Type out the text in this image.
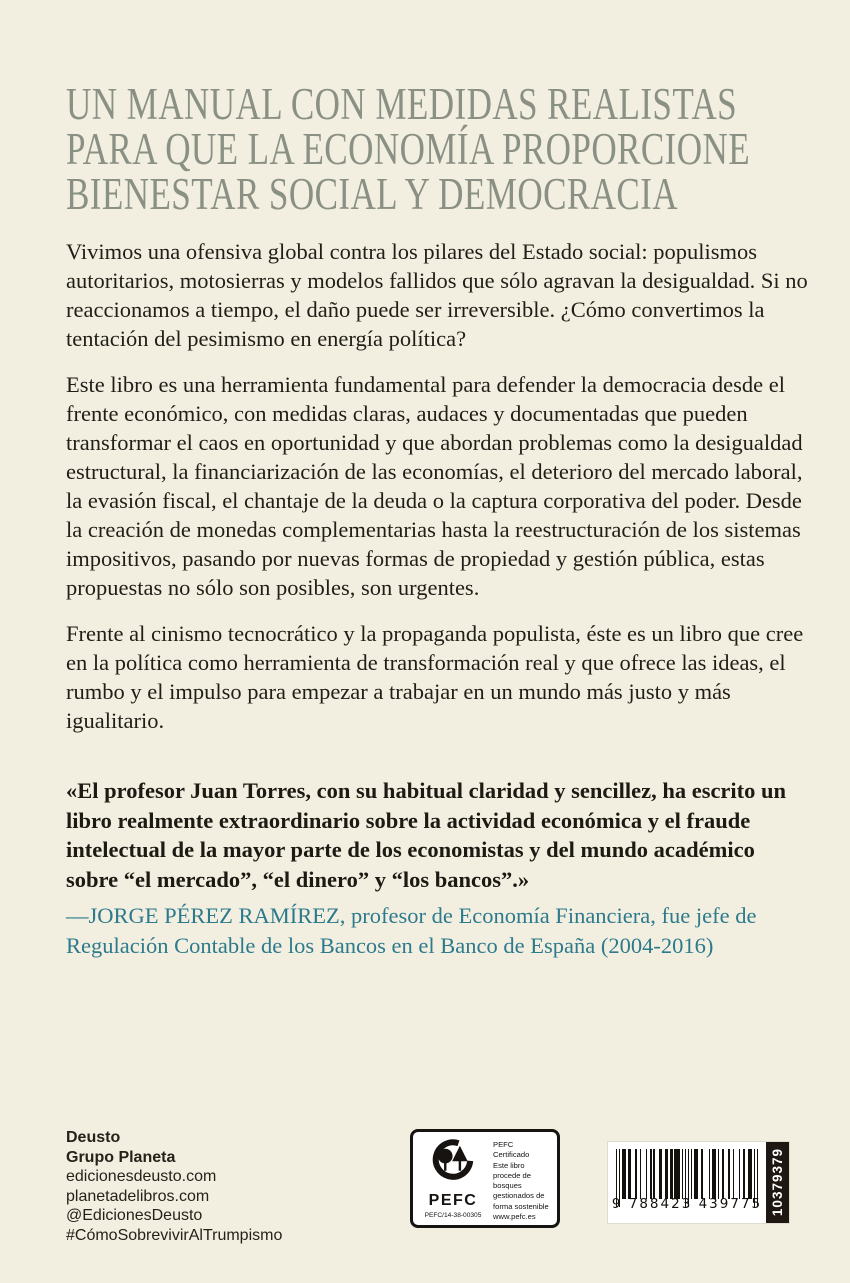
UN MANUAL CON MEDIDAS REALISTAS
PARA QUE LA ECONOMÍA PROPORCIONE
BIENESTAR SOCIAL Y DEMOCRACIA

Vivimos una ofensiva global contra los pilares del Estado social: populismos autoritarios, motosierras y modelos fallidos que sólo agravan la desigualdad. Si no reaccionamos a tiempo, el daño puede ser irreversible. ¿Cómo convertimos la tentación del pesimismo en energía política?

Este libro es una herramienta fundamental para defender la democracia desde el frente económico, con medidas claras, audaces y documentadas que pueden transformar el caos en oportunidad y que abordan problemas como la desigualdad estructural, la financiarización de las economías, el deterioro del mercado laboral, la evasión fiscal, el chantaje de la deuda o la captura corporativa del poder. Desde la creación de monedas complementarias hasta la reestructuración de los sistemas impositivos, pasando por nuevas formas de propiedad y gestión pública, estas propuestas no sólo son posibles, son urgentes.

Frente al cinismo tecnocrático y la propaganda populista, éste es un libro que cree en la política como herramienta de transformación real y que ofrece las ideas, el rumbo y el impulso para empezar a trabajar en un mundo más justo y más igualitario.

«El profesor Juan Torres, con su habitual claridad y sencillez, ha escrito un libro realmente extraordinario sobre la actividad económica y el fraude intelectual de la mayor parte de los economistas y del mundo académico sobre “el mercado”, “el dinero” y “los bancos”.»
—JORGE PÉREZ RAMÍREZ, profesor de Economía Financiera, fue jefe de Regulación Contable de los Bancos en el Banco de España (2004-2016)
Deusto
Grupo Planeta
edicionesdeusto.com
planetadelibros.com
@EdicionesDeusto
#CómoSobrevivirAlTrumpismo
PEFC
PEFC/14-38-00305
PEFC Certificado
Este libro procede de bosques gestionados de forma sostenible
www.pefc.es
9 788423 439775 10379379
